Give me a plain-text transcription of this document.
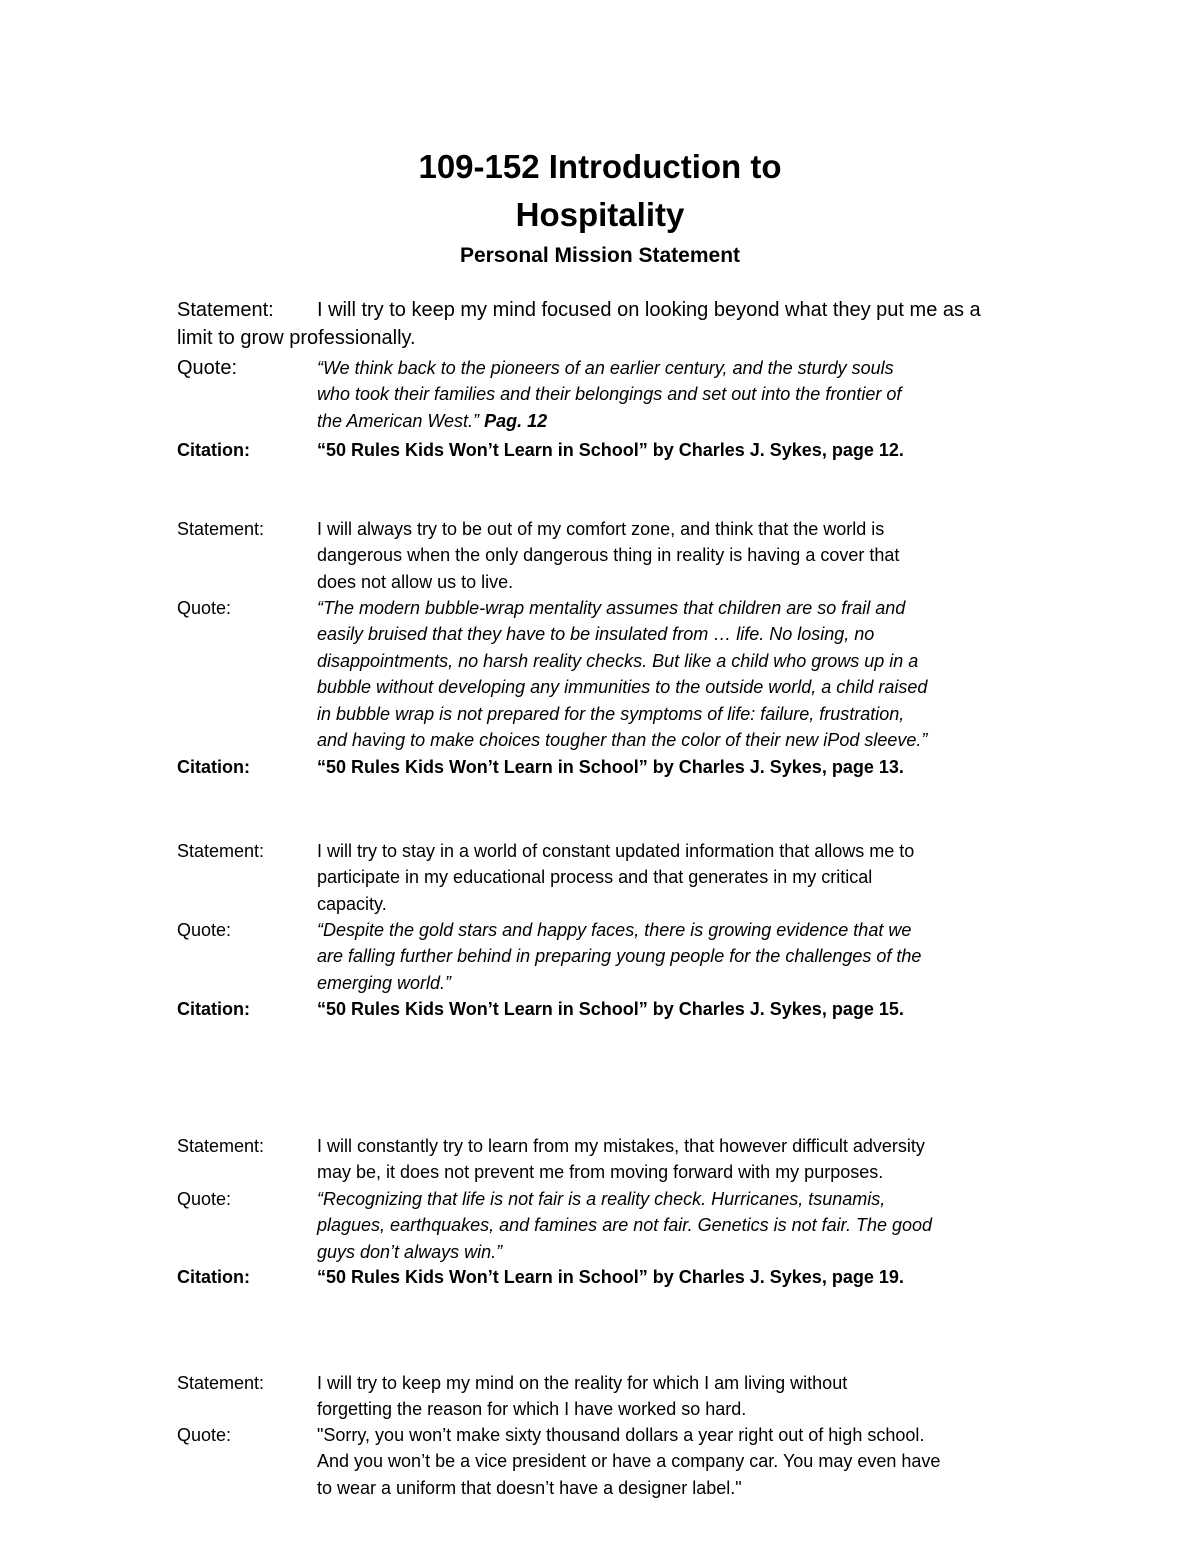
109-152 Introduction to
Hospitality
Personal Mission Statement
Statement: I will try to keep my mind focused on looking beyond what they put me as a
limit to grow professionally.
Quote:	“We think back to the pioneers of an earlier century, and the sturdy souls
who took their families and their belongings and set out into the frontier of
the American West.” Pag. 12
Citation:	“50 Rules Kids Won’t Learn in School” by Charles J. Sykes, page 12.
Statement:	I will always try to be out of my comfort zone, and think that the world is
dangerous when the only dangerous thing in reality is having a cover that
does not allow us to live.
Quote:	“The modern bubble-wrap mentality assumes that children are so frail and
easily bruised that they have to be insulated from … life. No losing, no
disappointments, no harsh reality checks. But like a child who grows up in a
bubble without developing any immunities to the outside world, a child raised
in bubble wrap is not prepared for the symptoms of life: failure, frustration,
and having to make choices tougher than the color of their new iPod sleeve.”
Citation:	“50 Rules Kids Won’t Learn in School” by Charles J. Sykes, page 13.
Statement:	I will try to stay in a world of constant updated information that allows me to
participate in my educational process and that generates in my critical
capacity.
Quote:	“Despite the gold stars and happy faces, there is growing evidence that we
are falling further behind in preparing young people for the challenges of the
emerging world.”
Citation:	“50 Rules Kids Won’t Learn in School” by Charles J. Sykes, page 15.
Statement:	I will constantly try to learn from my mistakes, that however difficult adversity
may be, it does not prevent me from moving forward with my purposes.
Quote:	“Recognizing that life is not fair is a reality check. Hurricanes, tsunamis,
plagues, earthquakes, and famines are not fair. Genetics is not fair. The good
guys don’t always win.”
Citation:	“50 Rules Kids Won’t Learn in School” by Charles J. Sykes, page 19.
Statement:	I will try to keep my mind on the reality for which I am living without
forgetting the reason for which I have worked so hard.
Quote:	"Sorry, you won’t make sixty thousand dollars a year right out of high school.
And you won’t be a vice president or have a company car. You may even have
to wear a uniform that doesn’t have a designer label."
